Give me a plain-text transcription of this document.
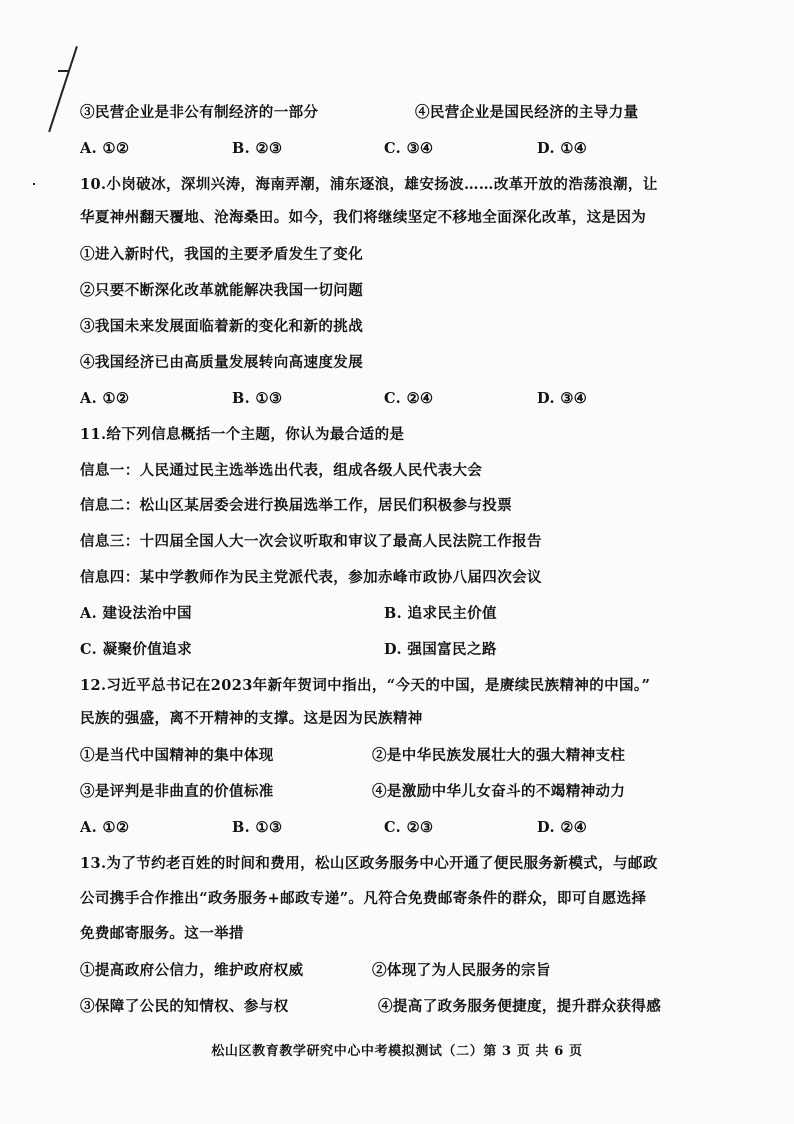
③民营企业是非公有制经济的一部分	④民营企业是国民经济的主导力量
A. ①②	B. ②③	C. ③④	D. ①④
10.小岗破冰，深圳兴涛，海南弄潮，浦东逐浪，雄安扬波……改革开放的浩荡浪潮，让
华夏神州翻天覆地、沧海桑田。如今，我们将继续坚定不移地全面深化改革，这是因为
①进入新时代，我国的主要矛盾发生了变化
②只要不断深化改革就能解决我国一切问题
③我国未来发展面临着新的变化和新的挑战
④我国经济已由高质量发展转向高速度发展
A. ①②	B. ①③	C. ②④	D. ③④
11.给下列信息概括一个主题，你认为最合适的是
信息一：人民通过民主选举选出代表，组成各级人民代表大会
信息二：松山区某居委会进行换届选举工作，居民们积极参与投票
信息三：十四届全国人大一次会议听取和审议了最高人民法院工作报告
信息四：某中学教师作为民主党派代表，参加赤峰市政协八届四次会议
A. 建设法治中国	B. 追求民主价值
C. 凝聚价值追求	D. 强国富民之路
12.习近平总书记在2023年新年贺词中指出，“今天的中国，是赓续民族精神的中国。”
民族的强盛，离不开精神的支撑。这是因为民族精神
①是当代中国精神的集中体现	②是中华民族发展壮大的强大精神支柱
③是评判是非曲直的价值标准	④是激励中华儿女奋斗的不竭精神动力
A. ①②	B. ①③	C. ②③	D. ②④
13.为了节约老百姓的时间和费用，松山区政务服务中心开通了便民服务新模式，与邮政
公司携手合作推出“政务服务+邮政专递”。凡符合免费邮寄条件的群众，即可自愿选择
免费邮寄服务。这一举措
①提高政府公信力，维护政府权威	②体现了为人民服务的宗旨
③保障了公民的知情权、参与权	④提高了政务服务便捷度，提升群众获得感
松山区教育教学研究中心中考模拟测试（二）第 3 页 共 6 页
